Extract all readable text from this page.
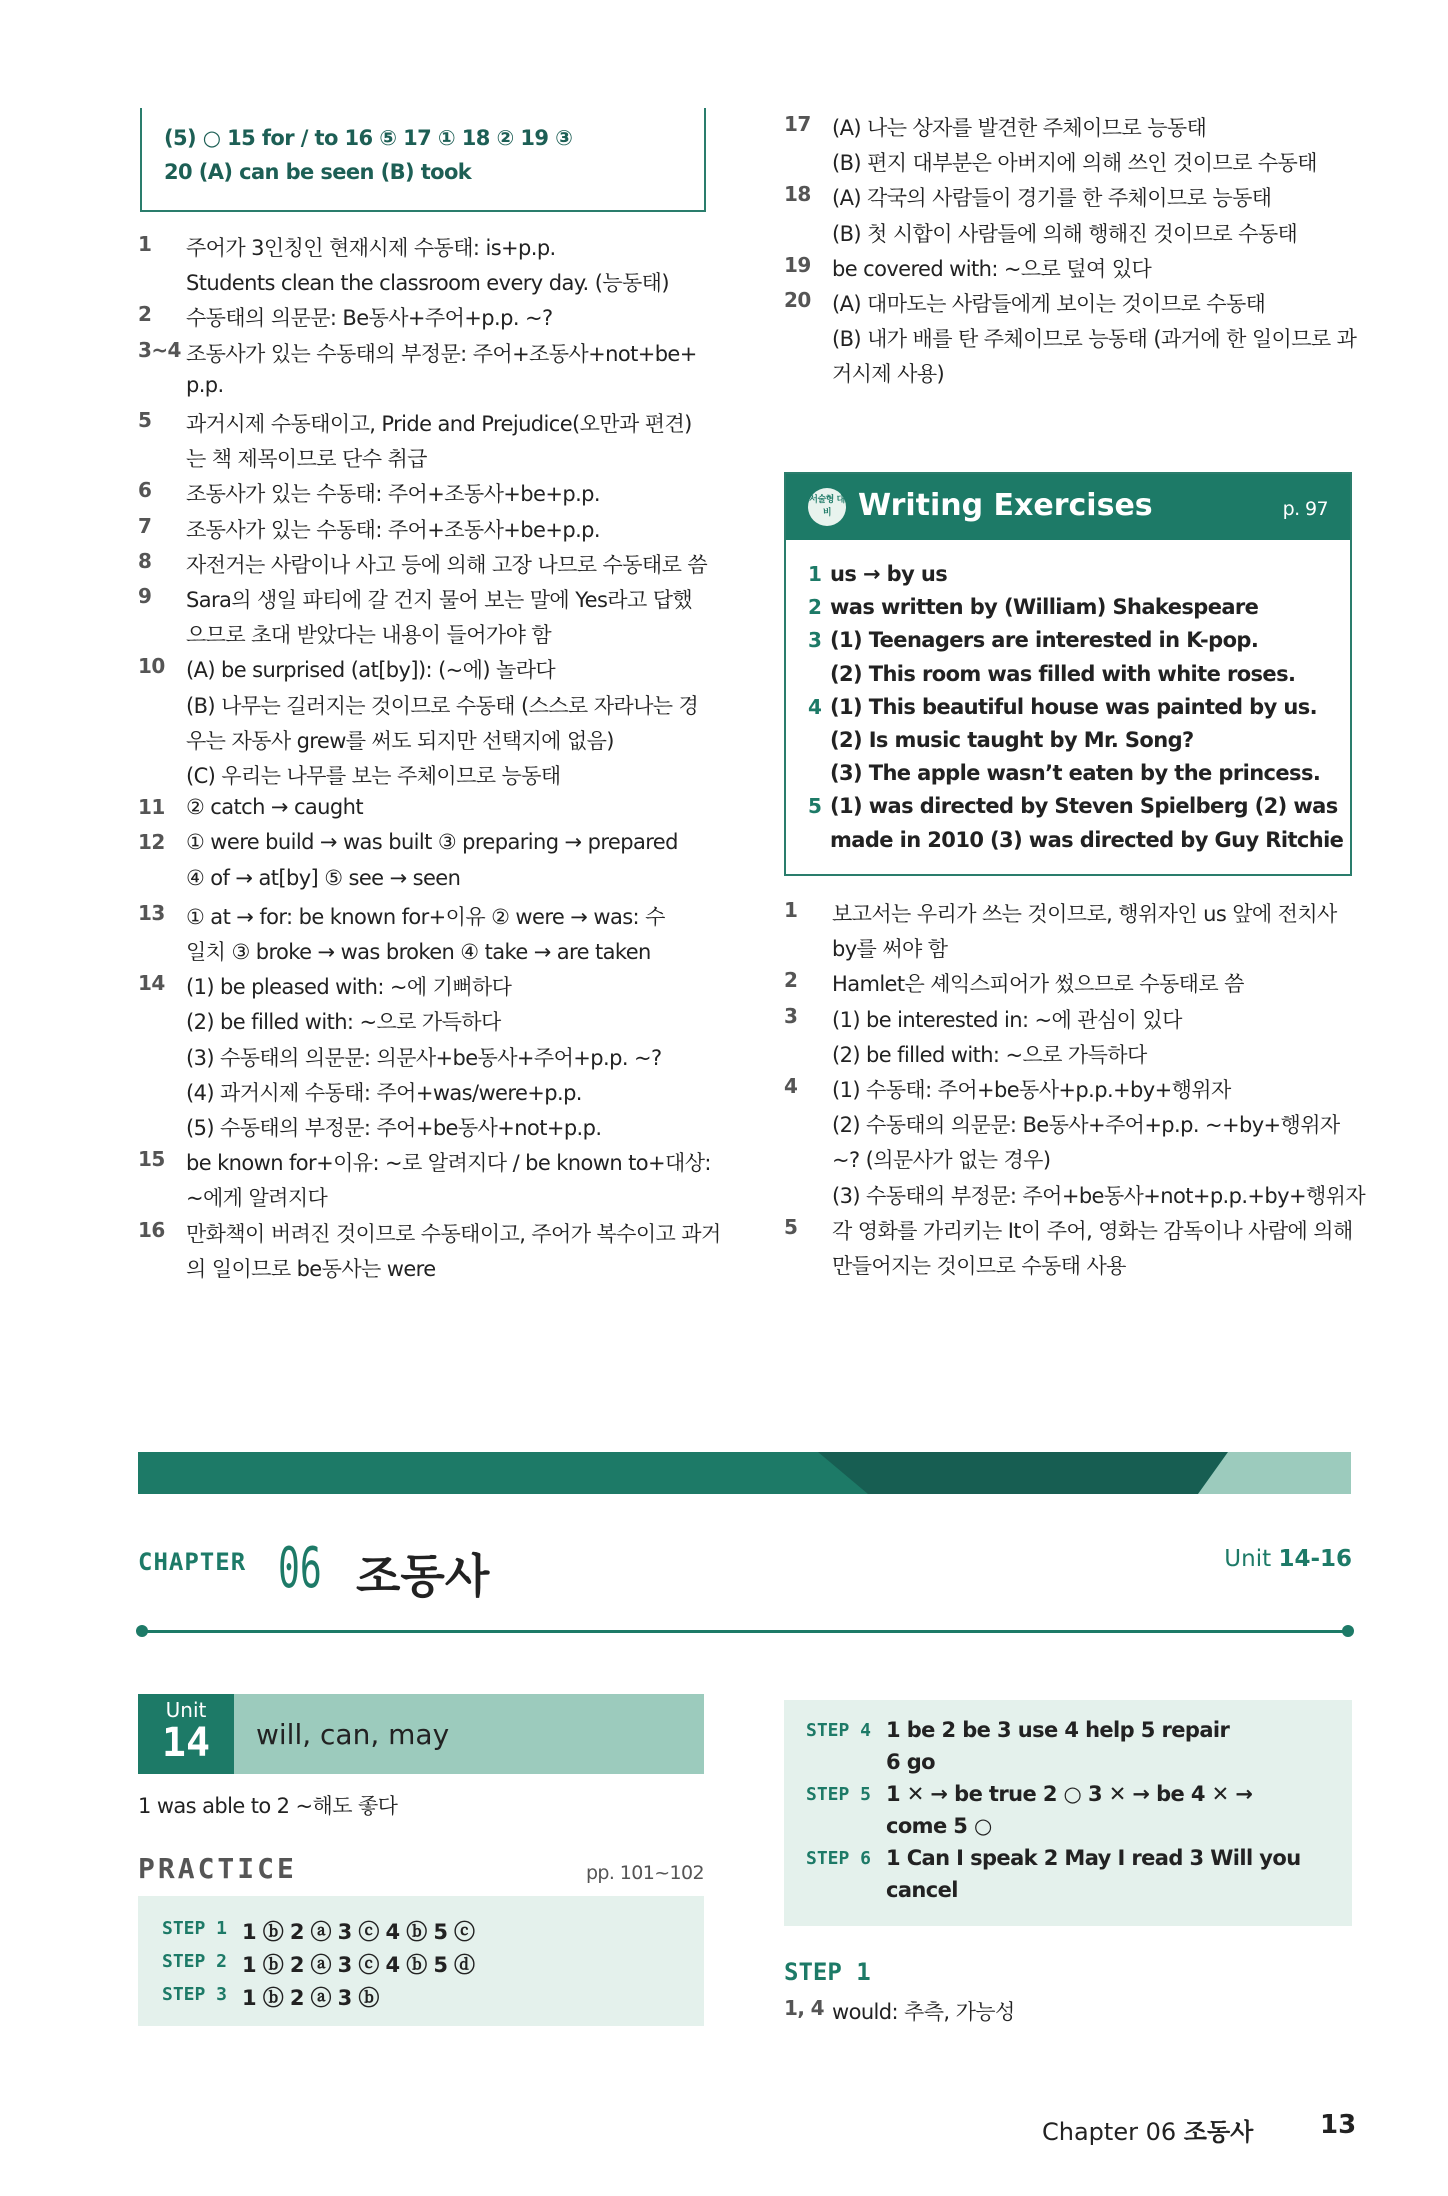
(5) ○ 15 for / to 16 ⑤ 17 ① 18 ② 19 ③
20 (A) can be seen (B) took
1 주어가 3인칭인 현재시제 수동태: is+p.p.
Students clean the classroom every day. (능동태)
2 수동태의 의문문: Be동사+주어+p.p. ~?
3~4 조동사가 있는 수동태의 부정문: 주어+조동사+not+be+
p.p.
5 과거시제 수동태이고, Pride and Prejudice(오만과 편견)
는 책 제목이므로 단수 취급
6 조동사가 있는 수동태: 주어+조동사+be+p.p.
7 조동사가 있는 수동태: 주어+조동사+be+p.p.
8 자전거는 사람이나 사고 등에 의해 고장 나므로 수동태로 씀
9 Sara의 생일 파티에 갈 건지 물어 보는 말에 Yes라고 답했
으므로 초대 받았다는 내용이 들어가야 함
10 (A) be surprised (at[by]): (~에) 놀라다
(B) 나무는 길러지는 것이므로 수동태 (스스로 자라나는 경
우는 자동사 grew를 써도 되지만 선택지에 없음)
(C) 우리는 나무를 보는 주체이므로 능동태
11 ② catch → caught
12 ① were build → was built ③ preparing → prepared
④ of → at[by] ⑤ see → seen
13 ① at → for: be known for+이유 ② were → was: 수
일치 ③ broke → was broken ④ take → are taken
14 (1) be pleased with: ~에 기뻐하다
(2) be filled with: ~으로 가득하다
(3) 수동태의 의문문: 의문사+be동사+주어+p.p. ~?
(4) 과거시제 수동태: 주어+was/were+p.p.
(5) 수동태의 부정문: 주어+be동사+not+p.p.
15 be known for+이유: ~로 알려지다 / be known to+대상:
~에게 알려지다
16 만화책이 버려진 것이므로 수동태이고, 주어가 복수이고 과거
의 일이므로 be동사는 were
17 (A) 나는 상자를 발견한 주체이므로 능동태
(B) 편지 대부분은 아버지에 의해 쓰인 것이므로 수동태
18 (A) 각국의 사람들이 경기를 한 주체이므로 능동태
(B) 첫 시합이 사람들에 의해 행해진 것이므로 수동태
19 be covered with: ~으로 덮여 있다
20 (A) 대마도는 사람들에게 보이는 것이므로 수동태
(B) 내가 배를 탄 주체이므로 능동태 (과거에 한 일이므로 과
거시제 사용)
서술형 대비 Writing Exercises	p. 97
1 us → by us
2 was written by (William) Shakespeare
3 (1) Teenagers are interested in K-pop.
(2) This room was filled with white roses.
4 (1) This beautiful house was painted by us.
(2) Is music taught by Mr. Song?
(3) The apple wasn’t eaten by the princess.
5 (1) was directed by Steven Spielberg (2) was
made in 2010 (3) was directed by Guy Ritchie
1 보고서는 우리가 쓰는 것이므로, 행위자인 us 앞에 전치사
by를 써야 함
2 Hamlet은 셰익스피어가 썼으므로 수동태로 씀
3 (1) be interested in: ~에 관심이 있다
(2) be filled with: ~으로 가득하다
4 (1) 수동태: 주어+be동사+p.p.+by+행위자
(2) 수동태의 의문문: Be동사+주어+p.p. ~+by+행위자
~? (의문사가 없는 경우)
(3) 수동태의 부정문: 주어+be동사+not+p.p.+by+행위자
5 각 영화를 가리키는 It이 주어, 영화는 감독이나 사람에 의해
만들어지는 것이므로 수동태 사용
CHAPTER 06 조동사	Unit 14-16
Unit
14	will, can, may
1 was able to 2 ~해도 좋다
PRACTICE	pp. 101~102
STEP 1 1 ⓑ 2 ⓐ 3 ⓒ 4 ⓑ 5 ⓒ
STEP 2 1 ⓑ 2 ⓐ 3 ⓒ 4 ⓑ 5 ⓓ
STEP 3 1 ⓑ 2 ⓐ 3 ⓑ
STEP 4 1 be 2 be 3 use 4 help 5 repair
6 go
STEP 5 1 ✕ → be true 2 ○ 3 ✕ → be 4 ✕ →
come 5 ○
STEP 6 1 Can I speak 2 May I read 3 Will you
cancel
STEP 1
1, 4 would: 추측, 가능성
Chapter 06 조동사	13
